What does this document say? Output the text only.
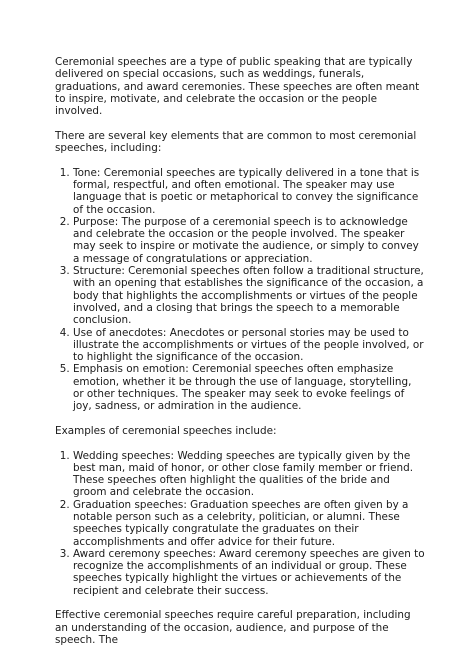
Ceremonial speeches are a type of public speaking that are typically delivered on special occasions, such as weddings, funerals, graduations, and award ceremonies. These speeches are often meant to inspire, motivate, and celebrate the occasion or the people involved.

There are several key elements that are common to most ceremonial speeches, including:

1. Tone: Ceremonial speeches are typically delivered in a tone that is formal, respectful, and often emotional. The speaker may use language that is poetic or metaphorical to convey the significance of the occasion.
2. Purpose: The purpose of a ceremonial speech is to acknowledge and celebrate the occasion or the people involved. The speaker may seek to inspire or motivate the audience, or simply to convey a message of congratulations or appreciation.
3. Structure: Ceremonial speeches often follow a traditional structure, with an opening that establishes the significance of the occasion, a body that highlights the accomplishments or virtues of the people involved, and a closing that brings the speech to a memorable conclusion.
4. Use of anecdotes: Anecdotes or personal stories may be used to illustrate the accomplishments or virtues of the people involved, or to highlight the significance of the occasion.
5. Emphasis on emotion: Ceremonial speeches often emphasize emotion, whether it be through the use of language, storytelling, or other techniques. The speaker may seek to evoke feelings of joy, sadness, or admiration in the audience.

Examples of ceremonial speeches include:

1. Wedding speeches: Wedding speeches are typically given by the best man, maid of honor, or other close family member or friend. These speeches often highlight the qualities of the bride and groom and celebrate the occasion.
2. Graduation speeches: Graduation speeches are often given by a notable person such as a celebrity, politician, or alumni. These speeches typically congratulate the graduates on their accomplishments and offer advice for their future.
3. Award ceremony speeches: Award ceremony speeches are given to recognize the accomplishments of an individual or group. These speeches typically highlight the virtues or achievements of the recipient and celebrate their success.

Effective ceremonial speeches require careful preparation, including an understanding of the occasion, audience, and purpose of the speech. The
